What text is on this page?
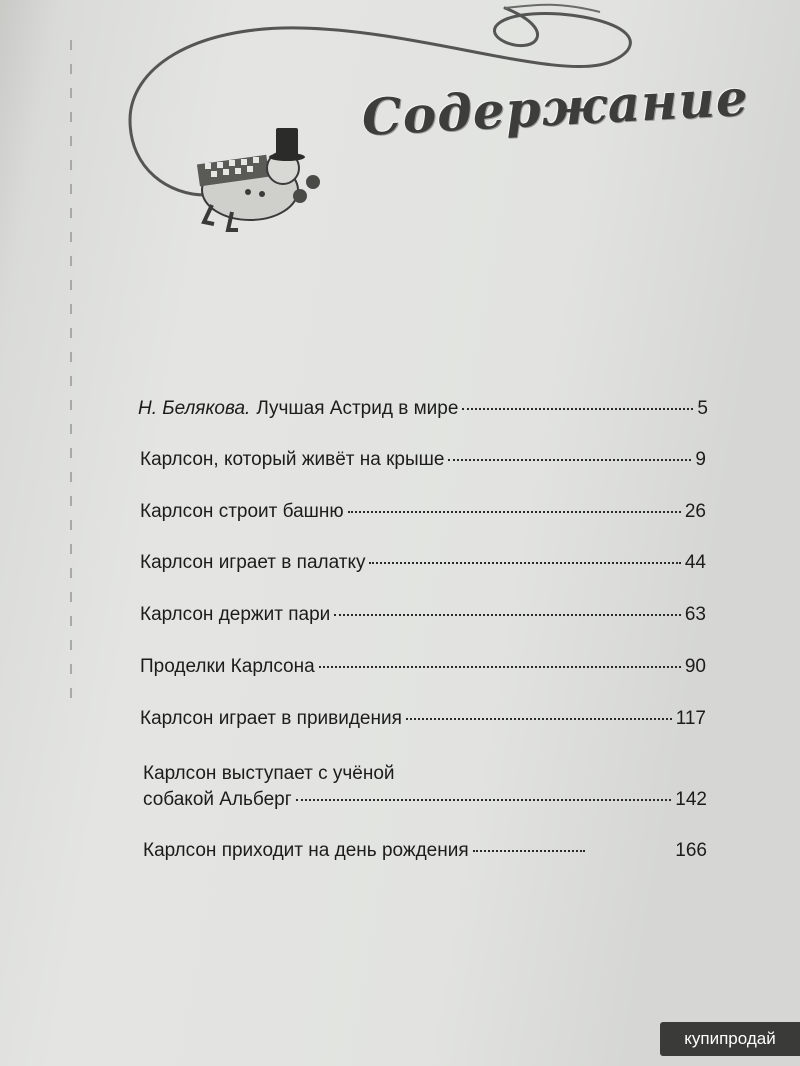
Содержание
Н. Белякова. Лучшая Астрид в мире	5
Карлсон, который живёт на крыше	9
Карлсон строит башню	26
Карлсон играет в палатку	44
Карлсон держит пари	63
Проделки Карлсона	90
Карлсон играет в привидения	117
Карлсон выступает с учёной
собакой Альберг	142
Карлсон приходит на день рождения	166
купипродай
